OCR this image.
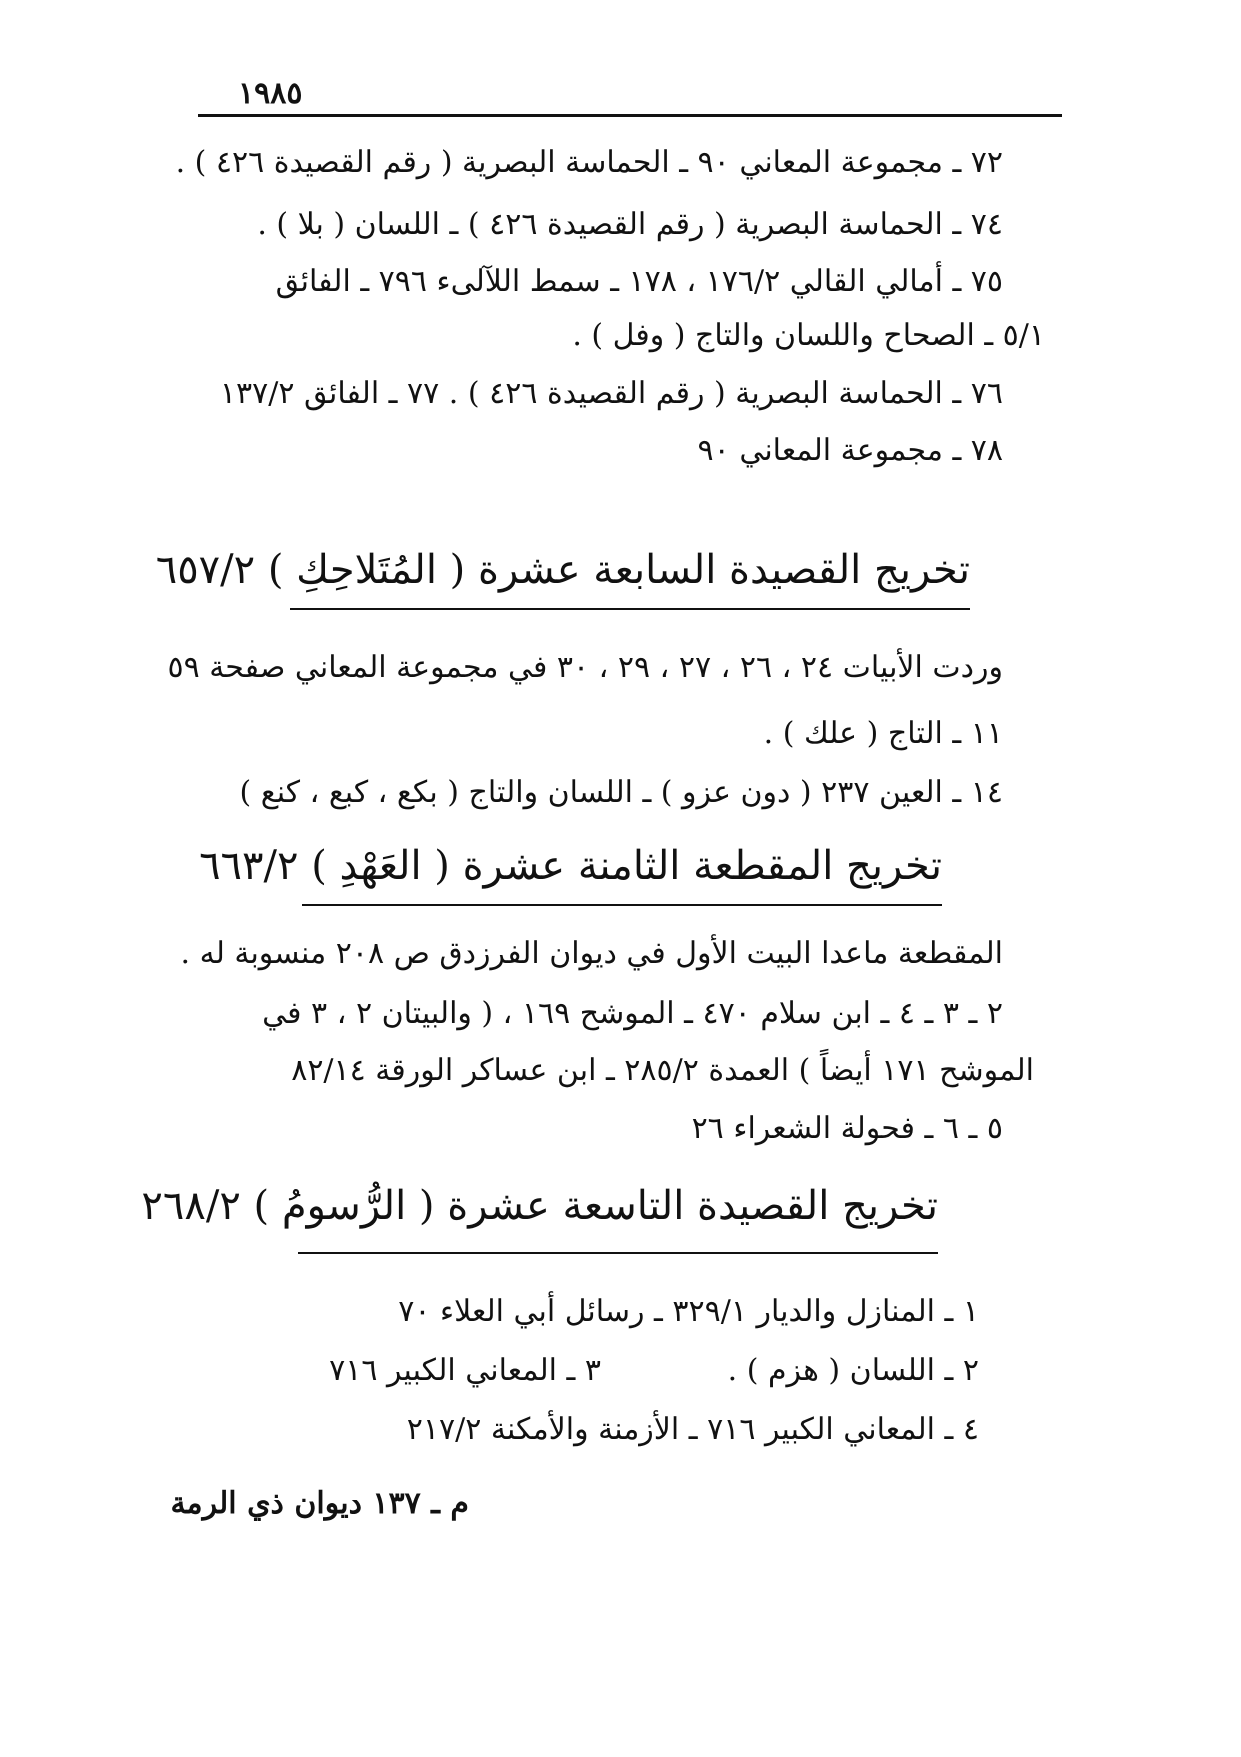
١٩٨٥
٧٢ ـ مجموعة المعاني ٩٠ ـ الحماسة البصرية ( رقم القصيدة ٤٢٦ ) .
٧٤ ـ الحماسة البصرية ( رقم القصيدة ٤٢٦ ) ـ اللسان ( بلا ) .
٧٥ ـ أمالي القالي ١٧٦/٢ ، ١٧٨ ـ سمط اللآلىء ٧٩٦ ـ الفائق
٥/١ ـ الصحاح واللسان والتاج ( وفل ) .
٧٦ ـ الحماسة البصرية ( رقم القصيدة ٤٢٦ ) . ٧٧ ـ الفائق ١٣٧/٢
٧٨ ـ مجموعة المعاني ٩٠
تخريج القصيدة السابعة عشرة ( المُتَلاحِكِ ) ٦٥٧/٢
وردت الأبيات ٢٤ ، ٢٦ ، ٢٧ ، ٢٩ ، ٣٠ في مجموعة المعاني صفحة ٥٩
١١ ـ التاج ( علك ) .
١٤ ـ العين ٢٣٧ ( دون عزو ) ـ اللسان والتاج ( بكع ، كبع ، كنع )
تخريج المقطعة الثامنة عشرة ( العَهْدِ ) ٦٦٣/٢
المقطعة ماعدا البيت الأول في ديوان الفرزدق ص ٢٠٨ منسوبة له .
٢ ـ ٣ ـ ٤ ـ ابن سلام ٤٧٠ ـ الموشح ١٦٩ ، ( والبيتان ٢ ، ٣ في
الموشح ١٧١ أيضاً ) العمدة ٢٨٥/٢ ـ ابن عساكر الورقة ٨٢/١٤
٥ ـ ٦ ـ فحولة الشعراء ٢٦
تخريج القصيدة التاسعة عشرة ( الرُّسومُ ) ٢٦٨/٢
١ ـ المنازل والديار ٣٢٩/١ ـ رسائل أبي العلاء ٧٠
٢ ـ اللسان ( هزم ) .
٣ ـ المعاني الكبير ٧١٦
٤ ـ المعاني الكبير ٧١٦ ـ الأزمنة والأمكنة ٢١٧/٢
م ـ ١٣٧ ديوان ذي الرمة
